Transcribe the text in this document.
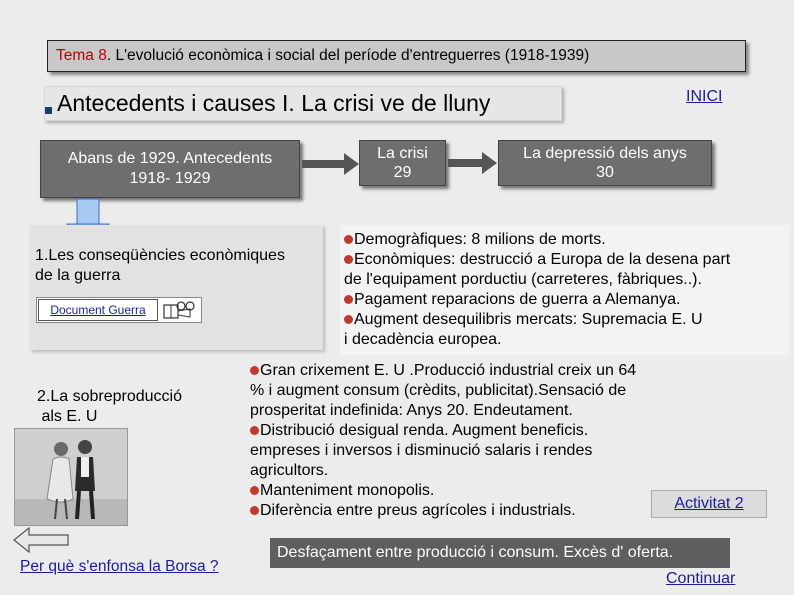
Tema 8. L'evolució econòmica i social del període d'entreguerres (1918-1939)
Antecedents i causes I. La crisi ve de lluny	INICI
Abans de 1929. Antecedents
1918- 1929
La crisi
29
La depressió dels anys
30
1.Les conseqüències econòmiques
de la guerra
Document Guerra
Demogràfiques: 8 milions de morts.
Econòmiques: destrucció a Europa de la desena part
de l'equipament porductiu (carreteres, fàbriques..).
Pagament reparacions de guerra a Alemanya.
Augment desequilibris mercats: Supremacia E. U
i decadència europea.
2.La sobreproducció
als E. U
Per què s'enfonsa la Borsa ?
Gran crixement E. U .Producció industrial creix un 64
% i augment consum (crèdits, publicitat).Sensació de
prosperitat indefinida: Anys 20. Endeutament.
Distribució desigual renda. Augment beneficis.
empreses i inversos i disminució salaris i rendes
agricultors.
Manteniment monopolis.
Diferència entre preus agrícoles i industrials.	Activitat 2
Desfaçament entre producció i consum. Excès d' oferta.
Continuar
